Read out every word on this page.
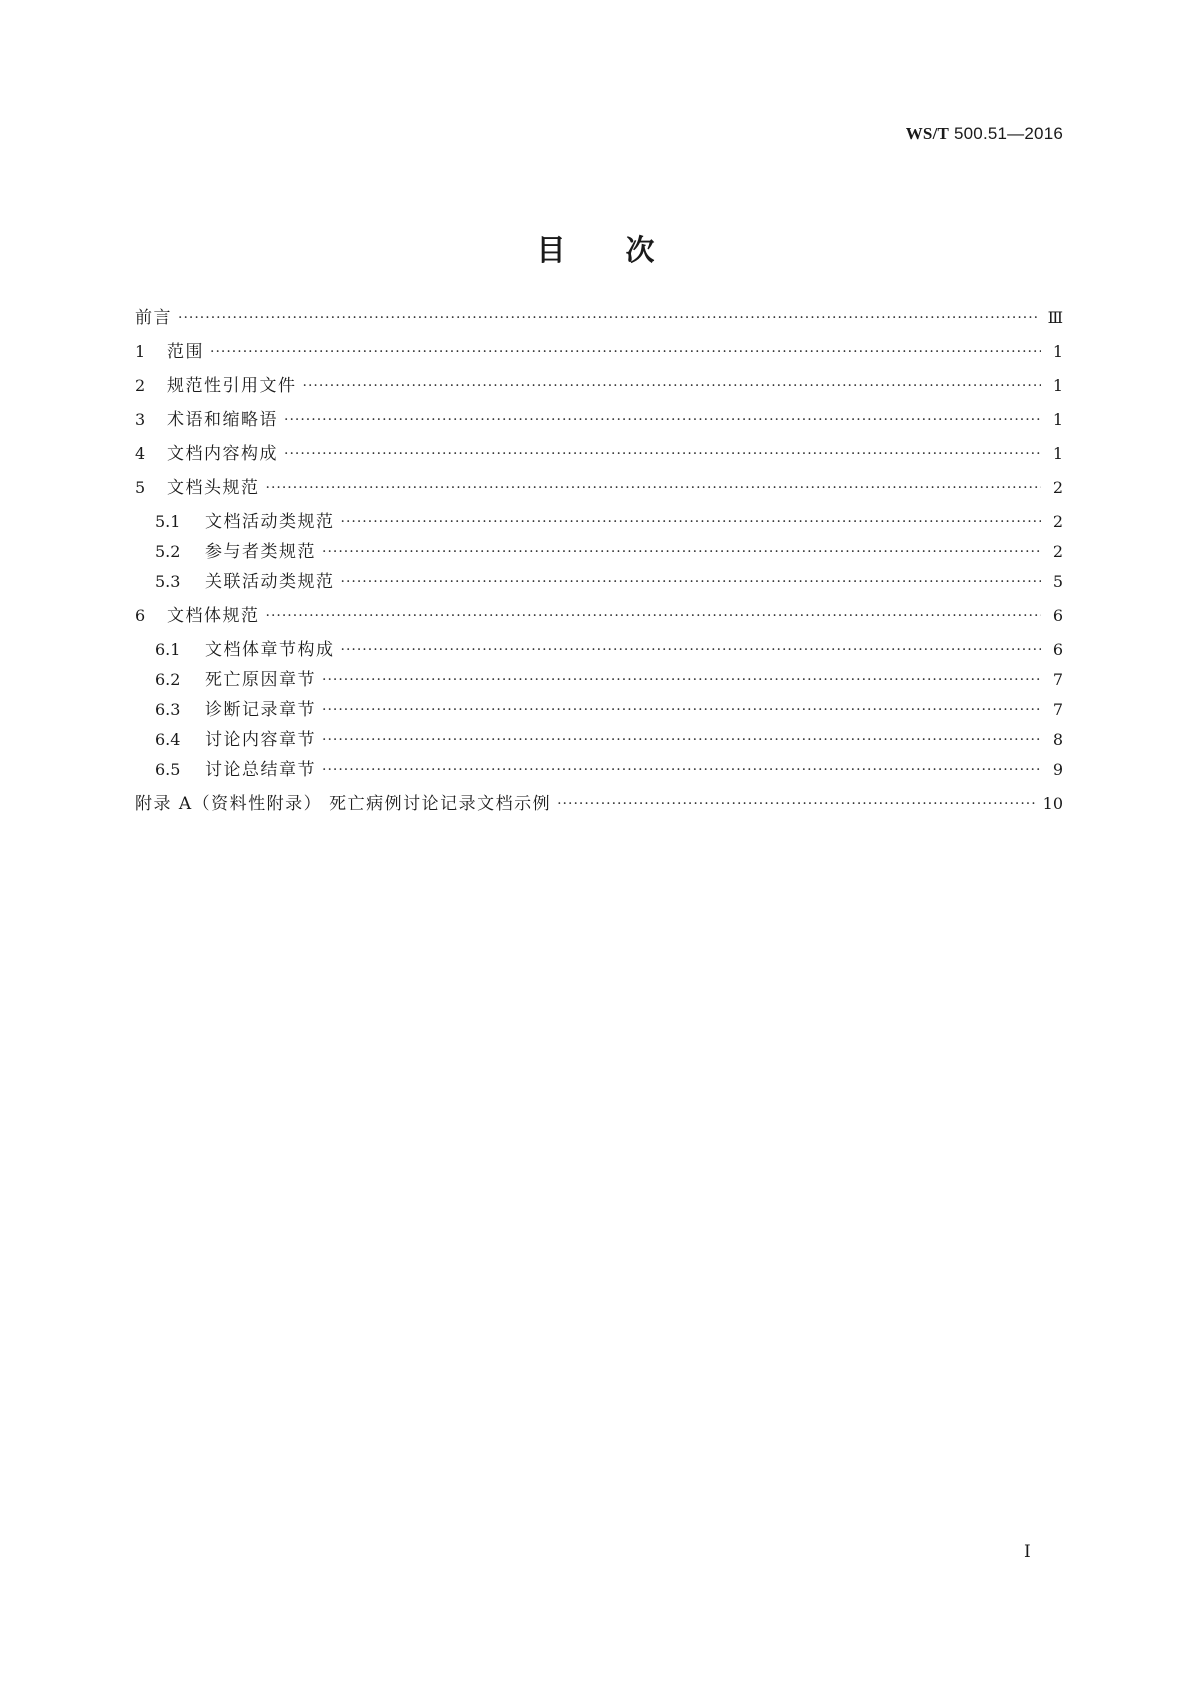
WS/T 500.51—2016
目 次
前言 ·····	Ⅲ
1	范围 ·····	1
2	规范性引用文件 ·····	1
3	术语和缩略语 ·····	1
4	文档内容构成 ·····	1
5	文档头规范 ·····	2
5.1	文档活动类规范 ·····	2
5.2	参与者类规范 ·····	2
5.3	关联活动类规范 ·····	5
6	文档体规范 ·····	6
6.1	文档体章节构成 ·····	6
6.2	死亡原因章节 ·····	7
6.3	诊断记录章节 ·····	7
6.4	讨论内容章节 ·····	8
6.5	讨论总结章节 ·····	9
附录 A（资料性附录） 死亡病例讨论记录文档示例 ·····	10
I
